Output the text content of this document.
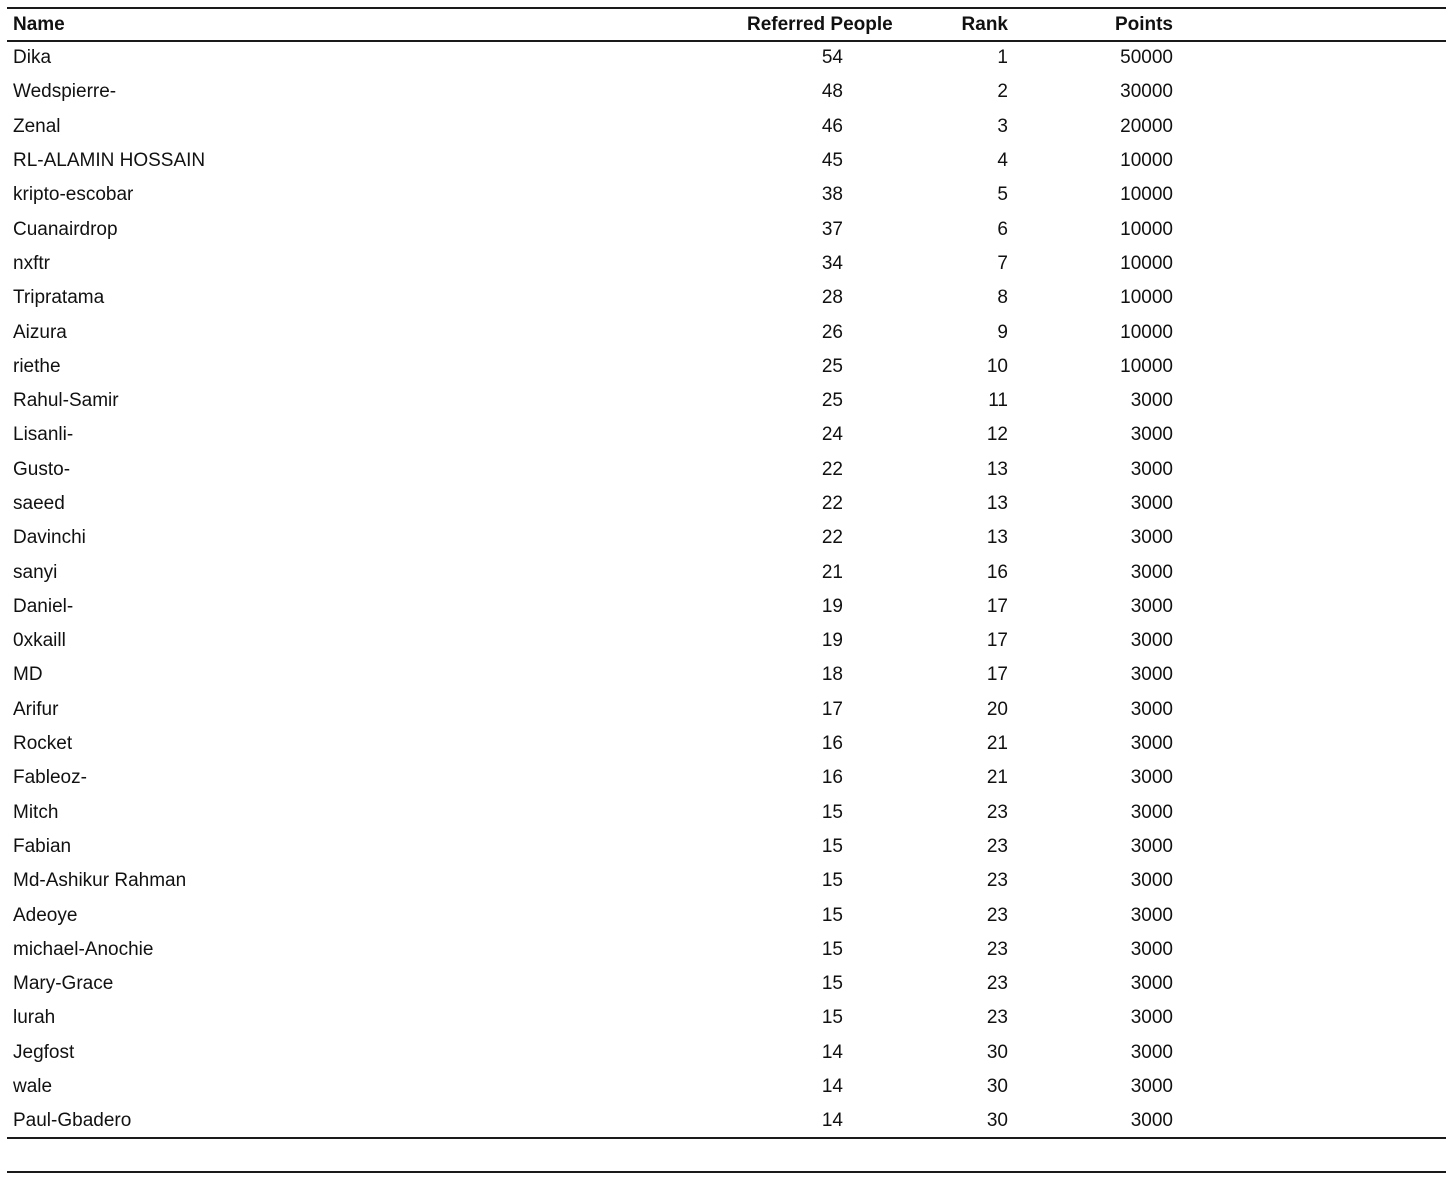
Name	Referred People	Rank	Points	
Dika	54	1	50000	
Wedspierre-	48	2	30000	
Zenal	46	3	20000	
RL-ALAMIN HOSSAIN	45	4	10000	
kripto-escobar	38	5	10000	
Cuanairdrop	37	6	10000	
nxftr	34	7	10000	
Tripratama	28	8	10000	
Aizura	26	9	10000	
riethe	25	10	10000	
Rahul-Samir	25	11	3000	
Lisanli-	24	12	3000	
Gusto-	22	13	3000	
saeed	22	13	3000	
Davinchi	22	13	3000	
sanyi	21	16	3000	
Daniel-	19	17	3000	
0xkaill	19	17	3000	
MD	18	17	3000	
Arifur	17	20	3000	
Rocket	16	21	3000	
Fableoz-	16	21	3000	
Mitch	15	23	3000	
Fabian	15	23	3000	
Md-Ashikur Rahman	15	23	3000	
Adeoye	15	23	3000	
michael-Anochie	15	23	3000	
Mary-Grace	15	23	3000	
lurah	15	23	3000	
Jegfost	14	30	3000	
wale	14	30	3000	
Paul-Gbadero	14	30	3000	
